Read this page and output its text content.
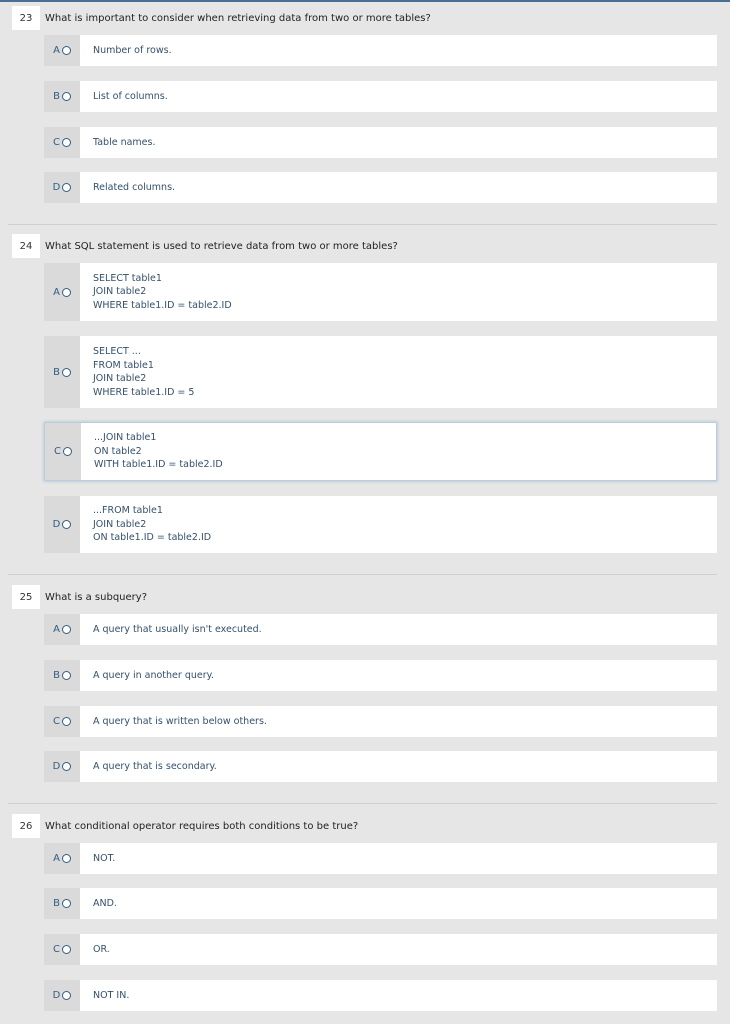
23	What is important to consider when retrieving data from two or more tables?
A	Number of rows.
B	List of columns.
C	Table names.
D	Related columns.
24	What SQL statement is used to retrieve data from two or more tables?
A
SELECT table1
JOIN table2
WHERE table1.ID = table2.ID
B
SELECT ...
FROM table1
JOIN table2
WHERE table1.ID = 5
C
...JOIN table1
ON table2
WITH table1.ID = table2.ID
D
...FROM table1
JOIN table2
ON table1.ID = table2.ID
25	What is a subquery?
A	A query that usually isn't executed.
B	A query in another query.
C	A query that is written below others.
D	A query that is secondary.
26	What conditional operator requires both conditions to be true?
A	NOT.
B	AND.
C	OR.
D	NOT IN.
